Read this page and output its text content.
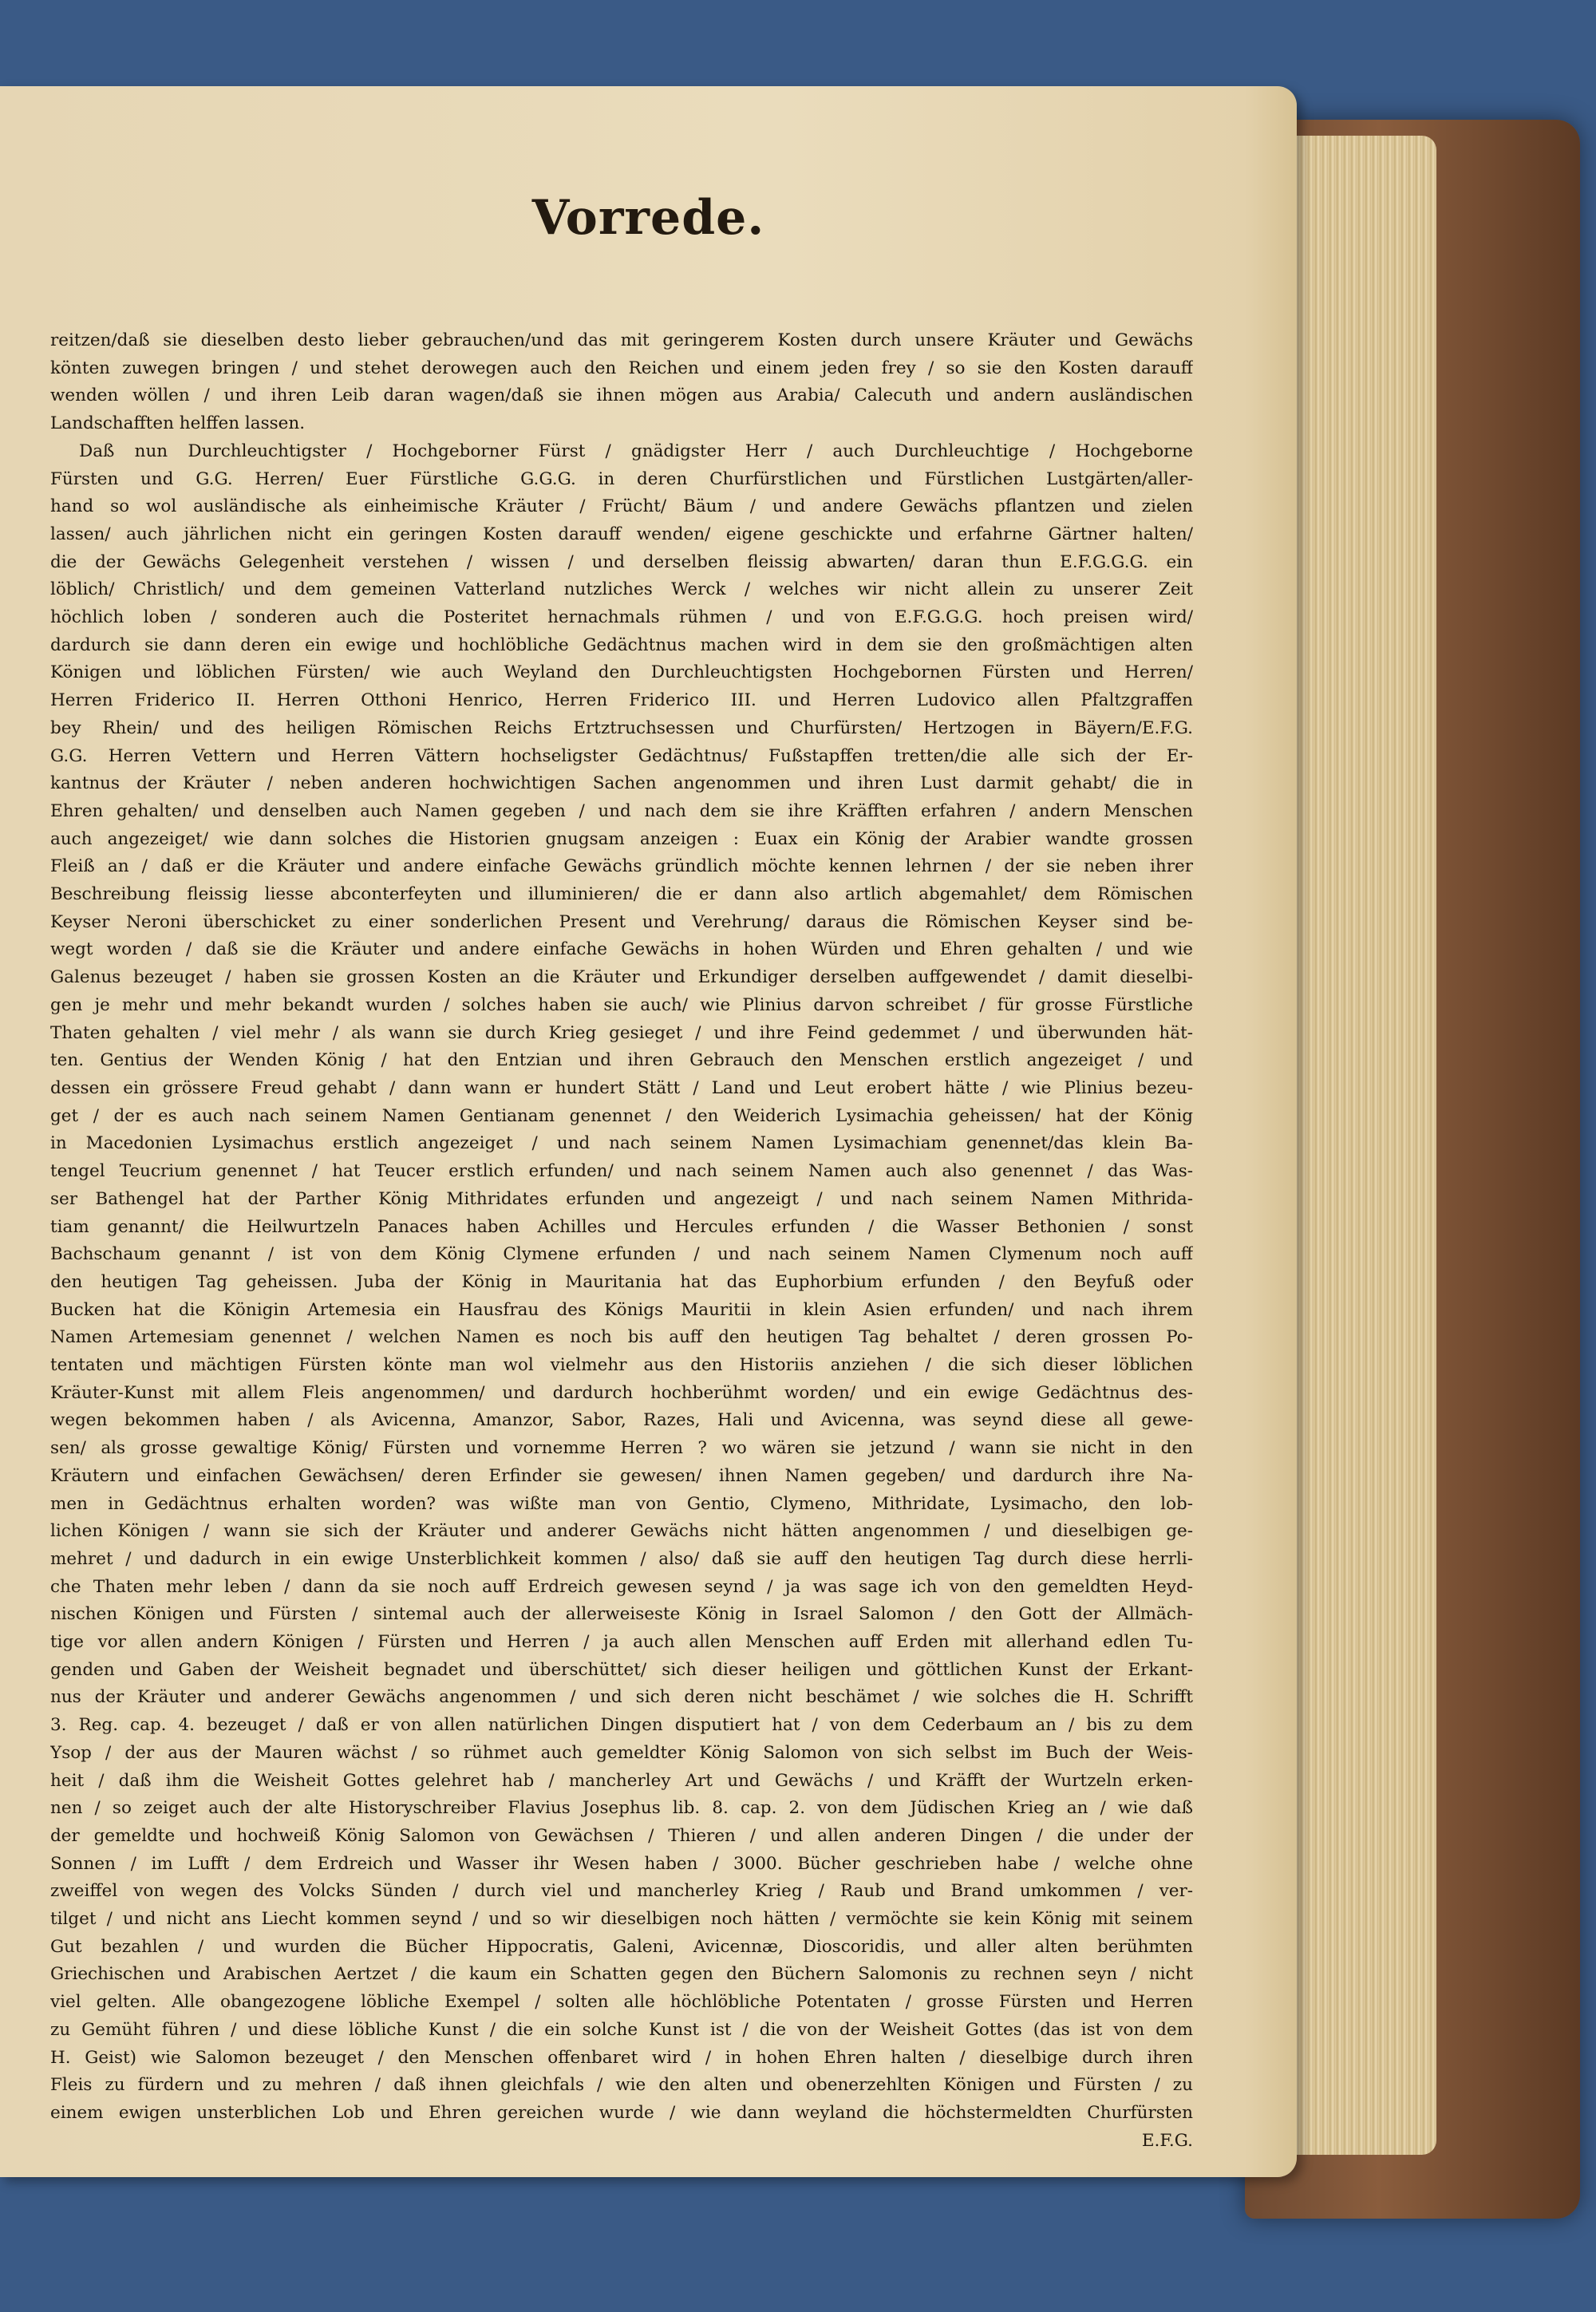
Vorrede.
reitzen/daß sie dieselben desto lieber gebrauchen/und das mit geringerem Kosten durch unsere Kräuter und Gewächs
könten zuwegen bringen / und stehet derowegen auch den Reichen und einem jeden frey / so sie den Kosten darauff
wenden wöllen / und ihren Leib daran wagen/daß sie ihnen mögen aus Arabia/ Calecuth und andern ausländischen
Landschafften helffen lassen.
Daß nun Durchleuchtigster / Hochgeborner Fürst / gnädigster Herr / auch Durchleuchtige / Hochgeborne
Fürsten und G.G. Herren/ Euer Fürstliche G.G.G. in deren Churfürstlichen und Fürstlichen Lustgärten/aller-
hand so wol ausländische als einheimische Kräuter / Frücht/ Bäum / und andere Gewächs pflantzen und zielen
lassen/ auch jährlichen nicht ein geringen Kosten darauff wenden/ eigene geschickte und erfahrne Gärtner halten/
die der Gewächs Gelegenheit verstehen / wissen / und derselben fleissig abwarten/ daran thun E.F.G.G.G. ein
löblich/ Christlich/ und dem gemeinen Vatterland nutzliches Werck / welches wir nicht allein zu unserer Zeit
höchlich loben / sonderen auch die Posteritet hernachmals rühmen / und von E.F.G.G.G. hoch preisen wird/
dardurch sie dann deren ein ewige und hochlöbliche Gedächtnus machen wird in dem sie den großmächtigen alten
Königen und löblichen Fürsten/ wie auch Weyland den Durchleuchtigsten Hochgebornen Fürsten und Herren/
Herren Friderico II. Herren Otthoni Henrico, Herren Friderico III. und Herren Ludovico allen Pfaltzgraffen
bey Rhein/ und des heiligen Römischen Reichs Ertztruchsessen und Churfürsten/ Hertzogen in Bäyern/E.F.G.
G.G. Herren Vettern und Herren Vättern hochseligster Gedächtnus/ Fußstapffen tretten/die alle sich der Er-
kantnus der Kräuter / neben anderen hochwichtigen Sachen angenommen und ihren Lust darmit gehabt/ die in
Ehren gehalten/ und denselben auch Namen gegeben / und nach dem sie ihre Kräfften erfahren / andern Menschen
auch angezeiget/ wie dann solches die Historien gnugsam anzeigen : Euax ein König der Arabier wandte grossen
Fleiß an / daß er die Kräuter und andere einfache Gewächs gründlich möchte kennen lehrnen / der sie neben ihrer
Beschreibung fleissig liesse abconterfeyten und illuminieren/ die er dann also artlich abgemahlet/ dem Römischen
Keyser Neroni überschicket zu einer sonderlichen Present und Verehrung/ daraus die Römischen Keyser sind be-
wegt worden / daß sie die Kräuter und andere einfache Gewächs in hohen Würden und Ehren gehalten / und wie
Galenus bezeuget / haben sie grossen Kosten an die Kräuter und Erkundiger derselben auffgewendet / damit dieselbi-
gen je mehr und mehr bekandt wurden / solches haben sie auch/ wie Plinius darvon schreibet / für grosse Fürstliche
Thaten gehalten / viel mehr / als wann sie durch Krieg gesieget / und ihre Feind gedemmet / und überwunden hät-
ten. Gentius der Wenden König / hat den Entzian und ihren Gebrauch den Menschen erstlich angezeiget / und
dessen ein grössere Freud gehabt / dann wann er hundert Stätt / Land und Leut erobert hätte / wie Plinius bezeu-
get / der es auch nach seinem Namen Gentianam genennet / den Weiderich Lysimachia geheissen/ hat der König
in Macedonien Lysimachus erstlich angezeiget / und nach seinem Namen Lysimachiam genennet/das klein Ba-
tengel Teucrium genennet / hat Teucer erstlich erfunden/ und nach seinem Namen auch also genennet / das Was-
ser Bathengel hat der Parther König Mithridates erfunden und angezeigt / und nach seinem Namen Mithrida-
tiam genannt/ die Heilwurtzeln Panaces haben Achilles und Hercules erfunden / die Wasser Bethonien / sonst
Bachschaum genannt / ist von dem König Clymene erfunden / und nach seinem Namen Clymenum noch auff
den heutigen Tag geheissen. Juba der König in Mauritania hat das Euphorbium erfunden / den Beyfuß oder
Bucken hat die Königin Artemesia ein Hausfrau des Königs Mauritii in klein Asien erfunden/ und nach ihrem
Namen Artemesiam genennet / welchen Namen es noch bis auff den heutigen Tag behaltet / deren grossen Po-
tentaten und mächtigen Fürsten könte man wol vielmehr aus den Historiis anziehen / die sich dieser löblichen
Kräuter-Kunst mit allem Fleis angenommen/ und dardurch hochberühmt worden/ und ein ewige Gedächtnus des-
wegen bekommen haben / als Avicenna, Amanzor, Sabor, Razes, Hali und Avicenna, was seynd diese all gewe-
sen/ als grosse gewaltige König/ Fürsten und vornemme Herren ? wo wären sie jetzund / wann sie nicht in den
Kräutern und einfachen Gewächsen/ deren Erfinder sie gewesen/ ihnen Namen gegeben/ und dardurch ihre Na-
men in Gedächtnus erhalten worden? was wißte man von Gentio, Clymeno, Mithridate, Lysimacho, den lob-
lichen Königen / wann sie sich der Kräuter und anderer Gewächs nicht hätten angenommen / und dieselbigen ge-
mehret / und dadurch in ein ewige Unsterblichkeit kommen / also/ daß sie auff den heutigen Tag durch diese herrli-
che Thaten mehr leben / dann da sie noch auff Erdreich gewesen seynd / ja was sage ich von den gemeldten Heyd-
nischen Königen und Fürsten / sintemal auch der allerweiseste König in Israel Salomon / den Gott der Allmäch-
tige vor allen andern Königen / Fürsten und Herren / ja auch allen Menschen auff Erden mit allerhand edlen Tu-
genden und Gaben der Weisheit begnadet und überschüttet/ sich dieser heiligen und göttlichen Kunst der Erkant-
nus der Kräuter und anderer Gewächs angenommen / und sich deren nicht beschämet / wie solches die H. Schrifft
3. Reg. cap. 4. bezeuget / daß er von allen natürlichen Dingen disputiert hat / von dem Cederbaum an / bis zu dem
Ysop / der aus der Mauren wächst / so rühmet auch gemeldter König Salomon von sich selbst im Buch der Weis-
heit / daß ihm die Weisheit Gottes gelehret hab / mancherley Art und Gewächs / und Kräfft der Wurtzeln erken-
nen / so zeiget auch der alte Historyschreiber Flavius Josephus lib. 8. cap. 2. von dem Jüdischen Krieg an / wie daß
der gemeldte und hochweiß König Salomon von Gewächsen / Thieren / und allen anderen Dingen / die under der
Sonnen / im Lufft / dem Erdreich und Wasser ihr Wesen haben / 3000. Bücher geschrieben habe / welche ohne
zweiffel von wegen des Volcks Sünden / durch viel und mancherley Krieg / Raub und Brand umkommen / ver-
tilget / und nicht ans Liecht kommen seynd / und so wir dieselbigen noch hätten / vermöchte sie kein König mit seinem
Gut bezahlen / und wurden die Bücher Hippocratis, Galeni, Avicennæ, Dioscoridis, und aller alten berühmten
Griechischen und Arabischen Aertzet / die kaum ein Schatten gegen den Büchern Salomonis zu rechnen seyn / nicht
viel gelten. Alle obangezogene löbliche Exempel / solten alle höchlöbliche Potentaten / grosse Fürsten und Herren
zu Gemüht führen / und diese löbliche Kunst / die ein solche Kunst ist / die von der Weisheit Gottes (das ist von dem
H. Geist) wie Salomon bezeuget / den Menschen offenbaret wird / in hohen Ehren halten / dieselbige durch ihren
Fleis zu fürdern und zu mehren / daß ihnen gleichfals / wie den alten und obenerzehlten Königen und Fürsten / zu
einem ewigen unsterblichen Lob und Ehren gereichen wurde / wie dann weyland die höchstermeldten Churfürsten
E.F.G.
